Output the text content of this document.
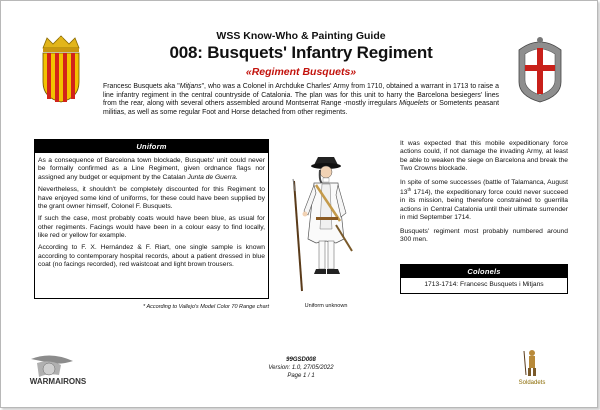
WSS Know-Who & Painting Guide
008: Busquets' Infantry Regiment
«Regiment Busquets»
Francesc Busquets aka "Mitjans", who was a Colonel in Archduke Charles' Army from 1710, obtained a warrant in 1713 to raise a line infantry regiment in the central countryside of Catalonia. The plan was for this unit to harry the Barcelona besiegers' lines from the rear, along with several others assembled around Montserrat Range -mostly irregulars Miquelets or Sometents peasant militias, as well as some regular Foot and Horse detached from other regiments.
Uniform

As a consequence of Barcelona town blockade, Busquets' unit could never be formally confirmed as a Line Regiment, given ordnance flags nor assigned any budget or equipment by the Catalan Junta de Guerra.

Nevertheless, it shouldn't be completely discounted for this Regiment to have enjoyed some kind of uniforms, for these could have been supplied by the grant owner himself, Colonel F. Busquets.

If such the case, most probably coats would have been blue, as usual for other regiments. Facings would have been in a colour easy to find locally, like red or yellow for example.

According to F. X. Hernández & F. Riart, one single sample is known according to contemporary hospital records, about a patient dressed in blue coat (no facings recorded), red waistcoat and light brown trousers.

* According to Vallejo's Model Color 70 Range chart	Uniform unknown

It was expected that this mobile expeditionary force actions could, if not damage the invading Army, at least be able to weaken the siege on Barcelona and break the Two Crowns blockade.

In spite of some successes (battle of Talamanca, August 13th 1714), the expeditionary force could never succeed in its mission, being therefore constrained to guerrilla actions in Central Catalonia until their ultimate surrender in mid September 1714.

Busquets' regiment most probably numbered around 300 men.

Colonels
1713-1714: Francesc Busquets i Mitjans
WARMAIRONS
99GSD008
Version: 1.0, 27/05/2022
Page 1 / 1
Soldadets
